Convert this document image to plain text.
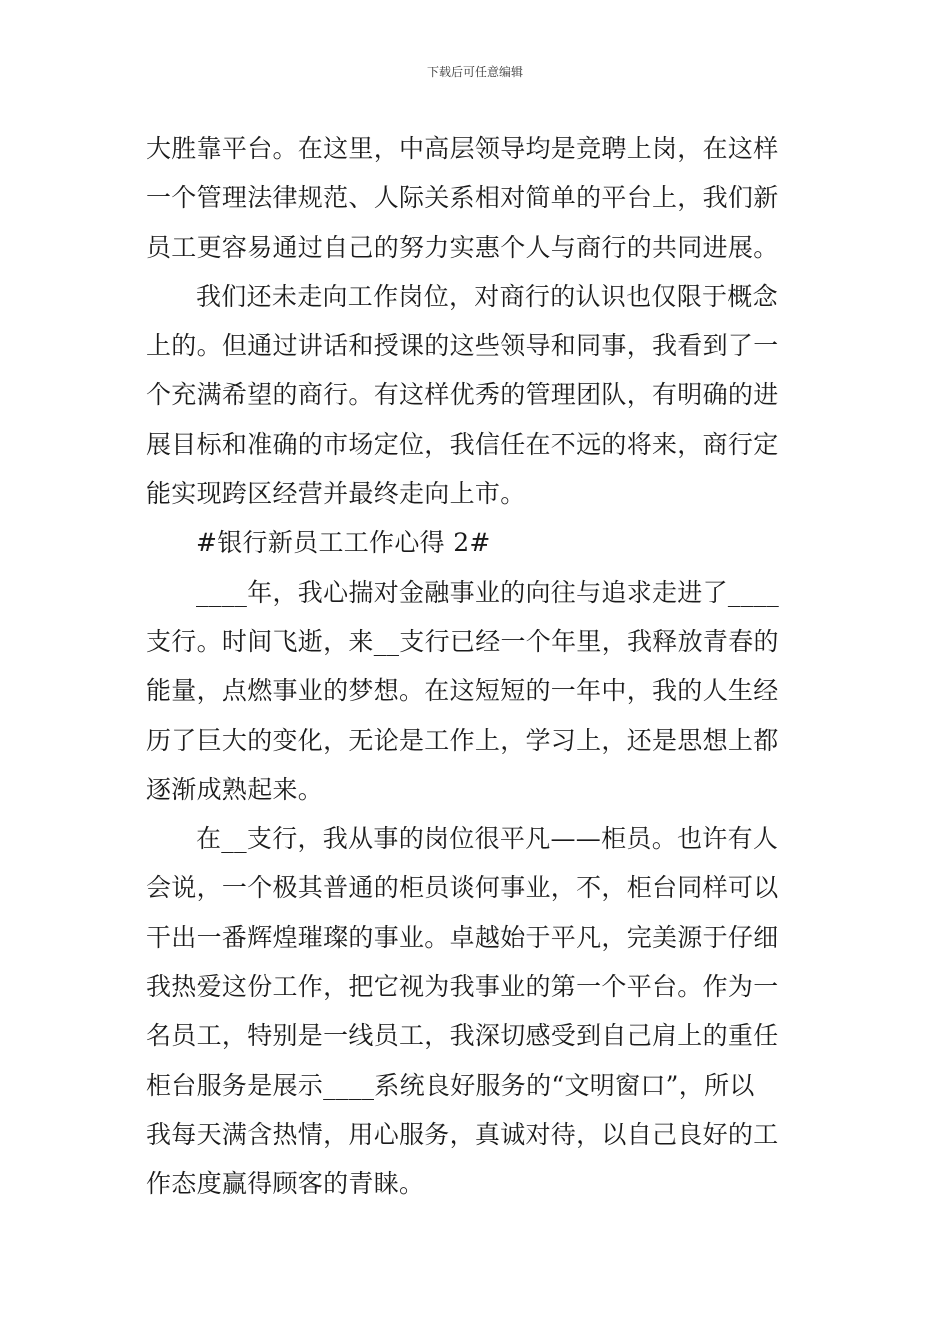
下载后可任意编辑
大胜靠平台。在这里，中高层领导均是竞聘上岗，在这样
一个管理法律规范、人际关系相对简单的平台上，我们新
员工更容易通过自己的努力实惠个人与商行的共同进展。
我们还未走向工作岗位，对商行的认识也仅限于概念
上的。但通过讲话和授课的这些领导和同事，我看到了一
个充满希望的商行。有这样优秀的管理团队，有明确的进
展目标和准确的市场定位，我信任在不远的将来，商行定
能实现跨区经营并最终走向上市。
#银行新员工工作心得 2#
____年，我心揣对金融事业的向往与追求走进了____
支行。时间飞逝，来__支行已经一个年里，我释放青春的
能量，点燃事业的梦想。在这短短的一年中，我的人生经
历了巨大的变化，无论是工作上，学习上，还是思想上都
逐渐成熟起来。
在__支行，我从事的岗位很平凡——柜员。也许有人
会说，一个极其普通的柜员谈何事业，不，柜台同样可以
干出一番辉煌璀璨的事业。卓越始于平凡，完美源于仔细
我热爱这份工作，把它视为我事业的第一个平台。作为一
名员工，特别是一线员工，我深切感受到自己肩上的重任
柜台服务是展示____系统良好服务的“文明窗口”，所以
我每天满含热情，用心服务，真诚对待，以自己良好的工
作态度赢得顾客的青睐。
